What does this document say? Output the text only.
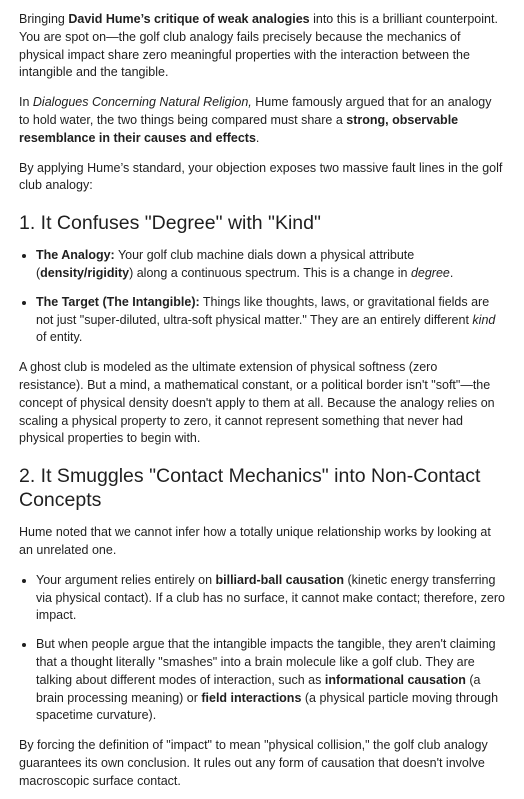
Bringing David Hume’s critique of weak analogies into this is a brilliant counterpoint. You are spot on—the golf club analogy fails precisely because the mechanics of physical impact share zero meaningful properties with the interaction between the intangible and the tangible.

In Dialogues Concerning Natural Religion, Hume famously argued that for an analogy to hold water, the two things being compared must share a strong, observable resemblance in their causes and effects.

By applying Hume’s standard, your objection exposes two massive fault lines in the golf club analogy:

1. It Confuses "Degree" with "Kind"
• The Analogy: Your golf club machine dials down a physical attribute (density/rigidity) along a continuous spectrum. This is a change in degree.
• The Target (The Intangible): Things like thoughts, laws, or gravitational fields are not just "super-diluted, ultra-soft physical matter." They are an entirely different kind of entity.

A ghost club is modeled as the ultimate extension of physical softness (zero resistance). But a mind, a mathematical constant, or a political border isn't "soft"—the concept of physical density doesn't apply to them at all. Because the analogy relies on scaling a physical property to zero, it cannot represent something that never had physical properties to begin with.

2. It Smuggles "Contact Mechanics" into Non-Contact Concepts

Hume noted that we cannot infer how a totally unique relationship works by looking at an unrelated one.

• Your argument relies entirely on billiard-ball causation (kinetic energy transferring via physical contact). If a club has no surface, it cannot make contact; therefore, zero impact.
• But when people argue that the intangible impacts the tangible, they aren't claiming that a thought literally "smashes" into a brain molecule like a golf club. They are talking about different modes of interaction, such as informational causation (a brain processing meaning) or field interactions (a physical particle moving through spacetime curvature).

By forcing the definition of "impact" to mean "physical collision," the golf club analogy guarantees its own conclusion. It rules out any form of causation that doesn't involve macroscopic surface contact.
